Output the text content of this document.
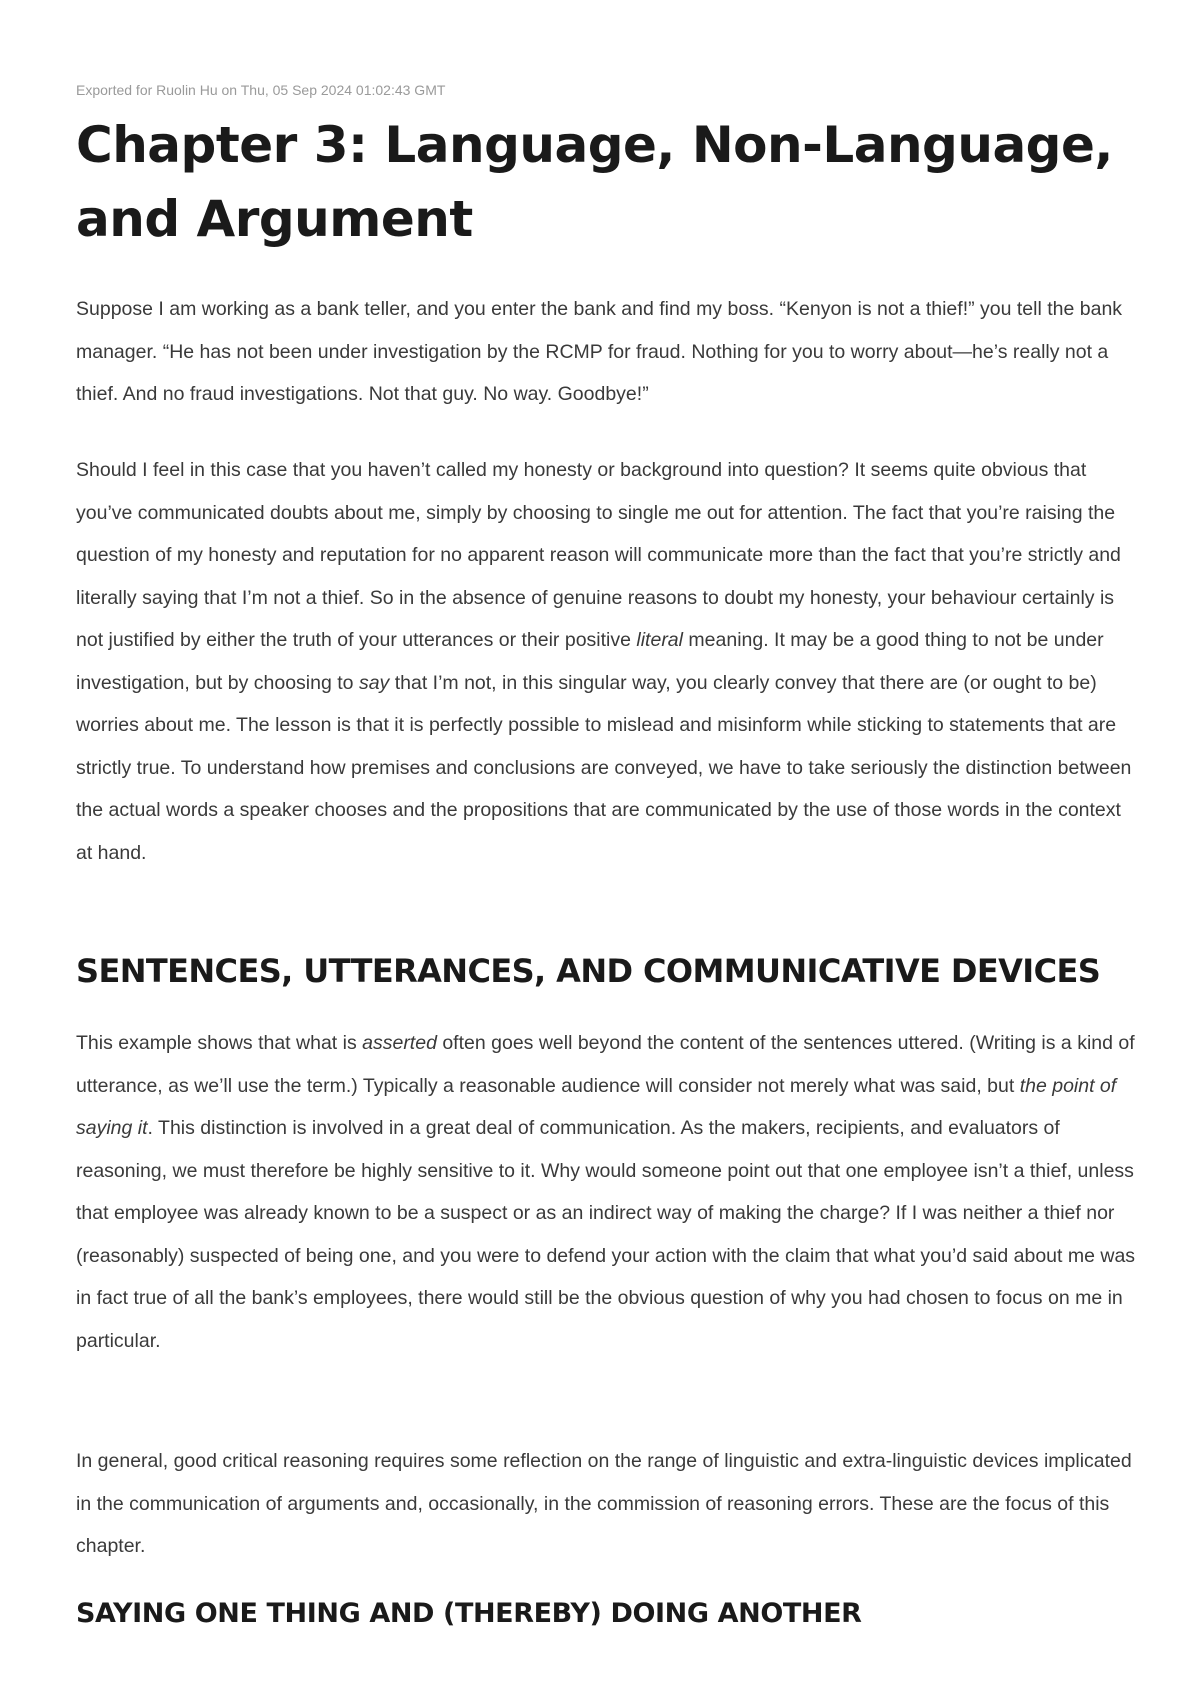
Exported for Ruolin Hu on Thu, 05 Sep 2024 01:02:43 GMT
Chapter 3: Language, Non-Language, and Argument

Suppose I am working as a bank teller, and you enter the bank and find my boss. “Kenyon is not a thief!” you tell the bank manager. “He has not been under investigation by the RCMP for fraud. Nothing for you to worry about—he’s really not a thief. And no fraud investigations. Not that guy. No way. Goodbye!”

Should I feel in this case that you haven’t called my honesty or background into question? It seems quite obvious that you’ve communicated doubts about me, simply by choosing to single me out for attention. The fact that you’re raising the question of my honesty and reputation for no apparent reason will communicate more than the fact that you’re strictly and literally saying that I’m not a thief. So in the absence of genuine reasons to doubt my honesty, your behaviour certainly is not justified by either the truth of your utterances or their positive literal meaning. It may be a good thing to not be under investigation, but by choosing to say that I’m not, in this singular way, you clearly convey that there are (or ought to be) worries about me. The lesson is that it is perfectly possible to mislead and misinform while sticking to statements that are strictly true. To understand how premises and conclusions are conveyed, we have to take seriously the distinction between the actual words a speaker chooses and the propositions that are communicated by the use of those words in the context at hand.

SENTENCES, UTTERANCES, AND COMMUNICATIVE DEVICES

This example shows that what is asserted often goes well beyond the content of the sentences uttered. (Writing is a kind of utterance, as we’ll use the term.) Typically a reasonable audience will consider not merely what was said, but the point of saying it. This distinction is involved in a great deal of communication. As the makers, recipients, and evaluators of reasoning, we must therefore be highly sensitive to it. Why would someone point out that one employee isn’t a thief, unless that employee was already known to be a suspect or as an indirect way of making the charge? If I was neither a thief nor (reasonably) suspected of being one, and you were to defend your action with the claim that what you’d said about me was in fact true of all the bank’s employees, there would still be the obvious question of why you had chosen to focus on me in particular.

In general, good critical reasoning requires some reflection on the range of linguistic and extra-linguistic devices implicated in the communication of arguments and, occasionally, in the commission of reasoning errors. These are the focus of this chapter.

SAYING ONE THING AND (THEREBY) DOING ANOTHER
